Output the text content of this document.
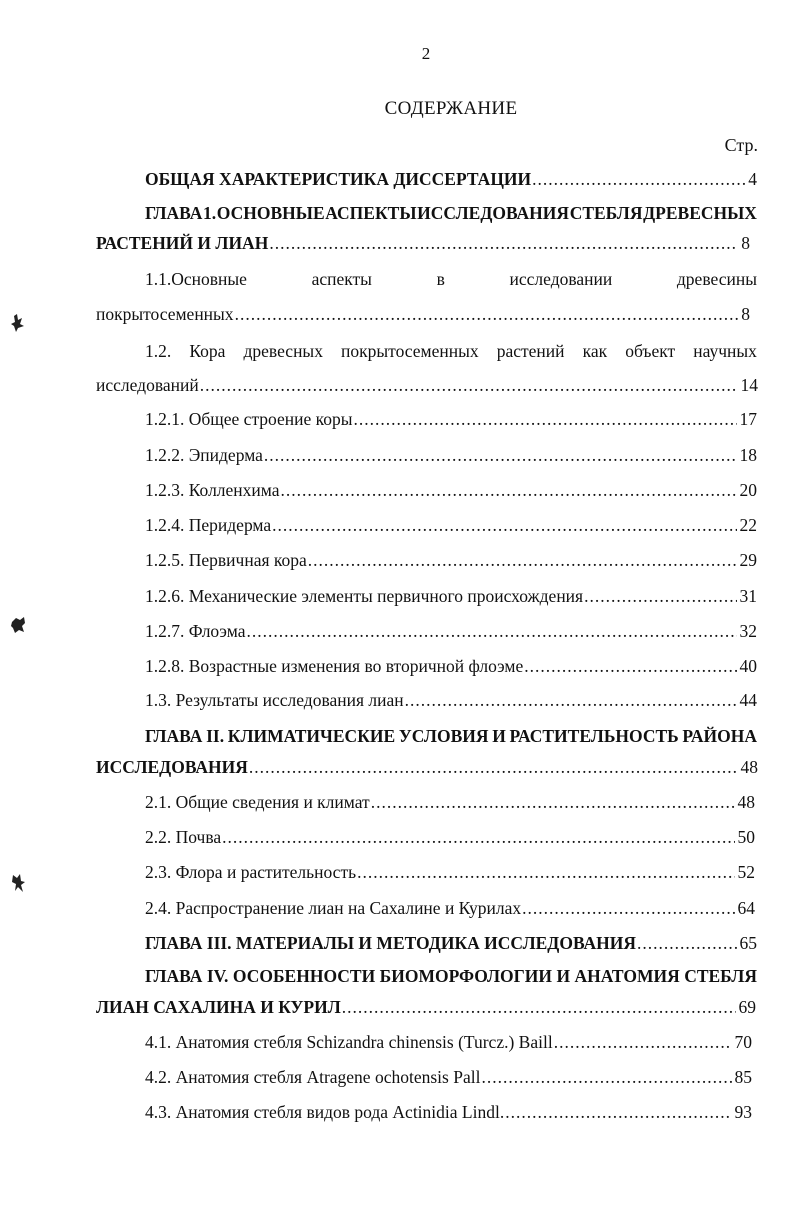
2
СОДЕРЖАНИЕ
Стр.
ОБЩАЯ ХАРАКТЕРИСТИКА ДИССЕРТАЦИИ .....	4
ГЛАВА 1. ОСНОВНЫЕ АСПЕКТЫ ИССЛЕДОВАНИЯ СТЕБЛЯ ДРЕВЕСНЫХ
РАСТЕНИЙ И ЛИАН .....	8
1.1.Основные	аспекты	в	исследовании	древесины
покрытосеменных .....	8
1.2. Кора древесных покрытосеменных растений как объект научных
исследований .....	14
1.2.1. Общее строение коры .....	17
1.2.2. Эпидерма .....	18
1.2.3. Колленхима .....	20
1.2.4. Перидерма .....	22
1.2.5. Первичная кора .....	29
1.2.6. Механические элементы первичного происхождения .....	31
1.2.7. Флоэма .....	32
1.2.8. Возрастные изменения во вторичной флоэме .....	40
1.3. Результаты исследования лиан .....	44
ГЛАВА II. КЛИМАТИЧЕСКИЕ УСЛОВИЯ И РАСТИТЕЛЬНОСТЬ РАЙОНА
ИССЛЕДОВАНИЯ .....	48
2.1. Общие сведения и климат .....	48
2.2. Почва .....	50
2.3. Флора и растительность .....	52
2.4. Распространение лиан на Сахалине и Курилах .....	64
ГЛАВА III. МАТЕРИАЛЫ И МЕТОДИКА ИССЛЕДОВАНИЯ .....	65
ГЛАВА IV. ОСОБЕННОСТИ БИОМОРФОЛОГИИ И АНАТОМИЯ СТЕБЛЯ
ЛИАН САХАЛИНА И КУРИЛ .....	69
4.1. Анатомия стебля Schizandra chinensis (Turcz.) Baill .....	70
4.2. Анатомия стебля Atragene ochotensis Pall .....	85
4.3. Анатомия стебля видов рода Actinidia Lindl. .....	93
